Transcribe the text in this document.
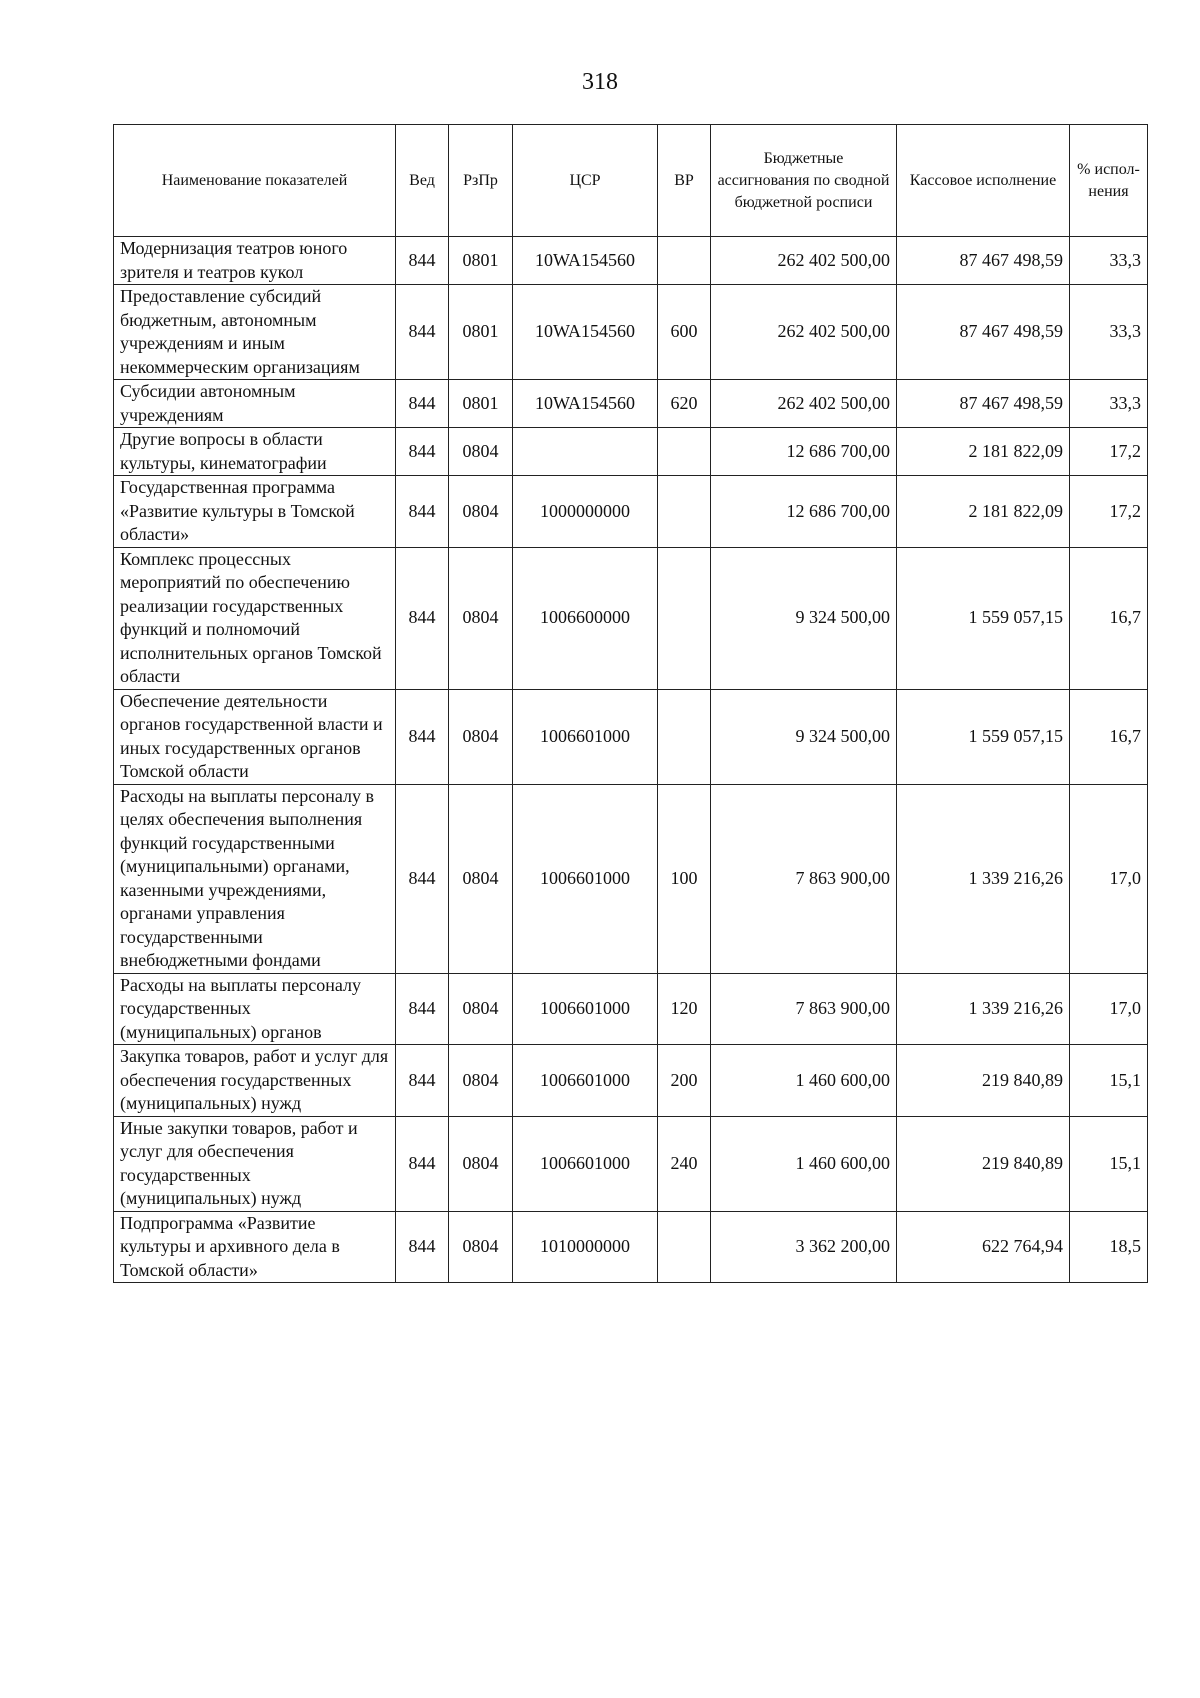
318
Наименование показателей	Вед	РзПр	ЦСР	ВР	Бюджетные ассигнования по сводной бюджетной росписи	Кассовое исполнение	% испол-нения
Модернизация театров юного зрителя и театров кукол	844	0801	10WA154560		262 402 500,00	87 467 498,59	33,3
Предоставление субсидий бюджетным, автономным учреждениям и иным некоммерческим организациям	844	0801	10WA154560	600	262 402 500,00	87 467 498,59	33,3
Субсидии автономным учреждениям	844	0801	10WA154560	620	262 402 500,00	87 467 498,59	33,3
Другие вопросы в области культуры, кинематографии	844	0804			12 686 700,00	2 181 822,09	17,2
Государственная программа «Развитие культуры в Томской области»	844	0804	1000000000		12 686 700,00	2 181 822,09	17,2
Комплекс процессных мероприятий по обеспечению реализации государственных функций и полномочий исполнительных органов Томской области	844	0804	1006600000		9 324 500,00	1 559 057,15	16,7
Обеспечение деятельности органов государственной власти и иных государственных органов Томской области	844	0804	1006601000		9 324 500,00	1 559 057,15	16,7
Расходы на выплаты персоналу в целях обеспечения выполнения функций государственными (муниципальными) органами, казенными учреждениями, органами управления государственными внебюджетными фондами	844	0804	1006601000	100	7 863 900,00	1 339 216,26	17,0
Расходы на выплаты персоналу государственных (муниципальных) органов	844	0804	1006601000	120	7 863 900,00	1 339 216,26	17,0
Закупка товаров, работ и услуг для обеспечения государственных (муниципальных) нужд	844	0804	1006601000	200	1 460 600,00	219 840,89	15,1
Иные закупки товаров, работ и услуг для обеспечения государственных (муниципальных) нужд	844	0804	1006601000	240	1 460 600,00	219 840,89	15,1
Подпрограмма «Развитие культуры и архивного дела в Томской области»	844	0804	1010000000		3 362 200,00	622 764,94	18,5
